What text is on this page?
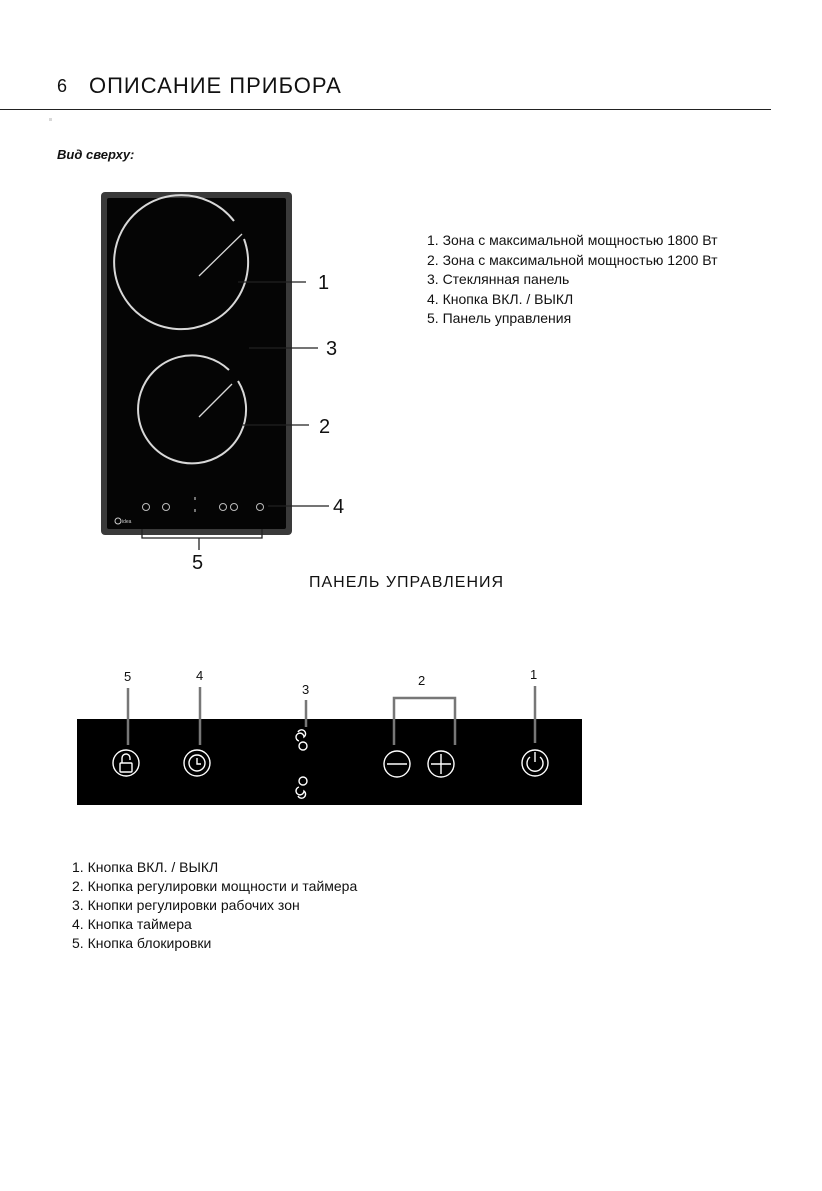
6 ОПИСАНИЕ ПРИБОРА
Вид сверху:
idea
1
2
3
4
5
5	4
3
2	1
1. Зона с максимальной мощностью 1800 Вт
2. Зона с максимальной мощностью 1200 Вт
3. Стеклянная панель
4. Кнопка ВКЛ. / ВЫКЛ
5. Панель управления
ПАНЕЛЬ УПРАВЛЕНИЯ
1. Кнопка ВКЛ. / ВЫКЛ
2. Кнопка регулировки мощности и таймера
3. Кнопки регулировки рабочих зон
4. Кнопка таймера
5. Кнопка блокировки
